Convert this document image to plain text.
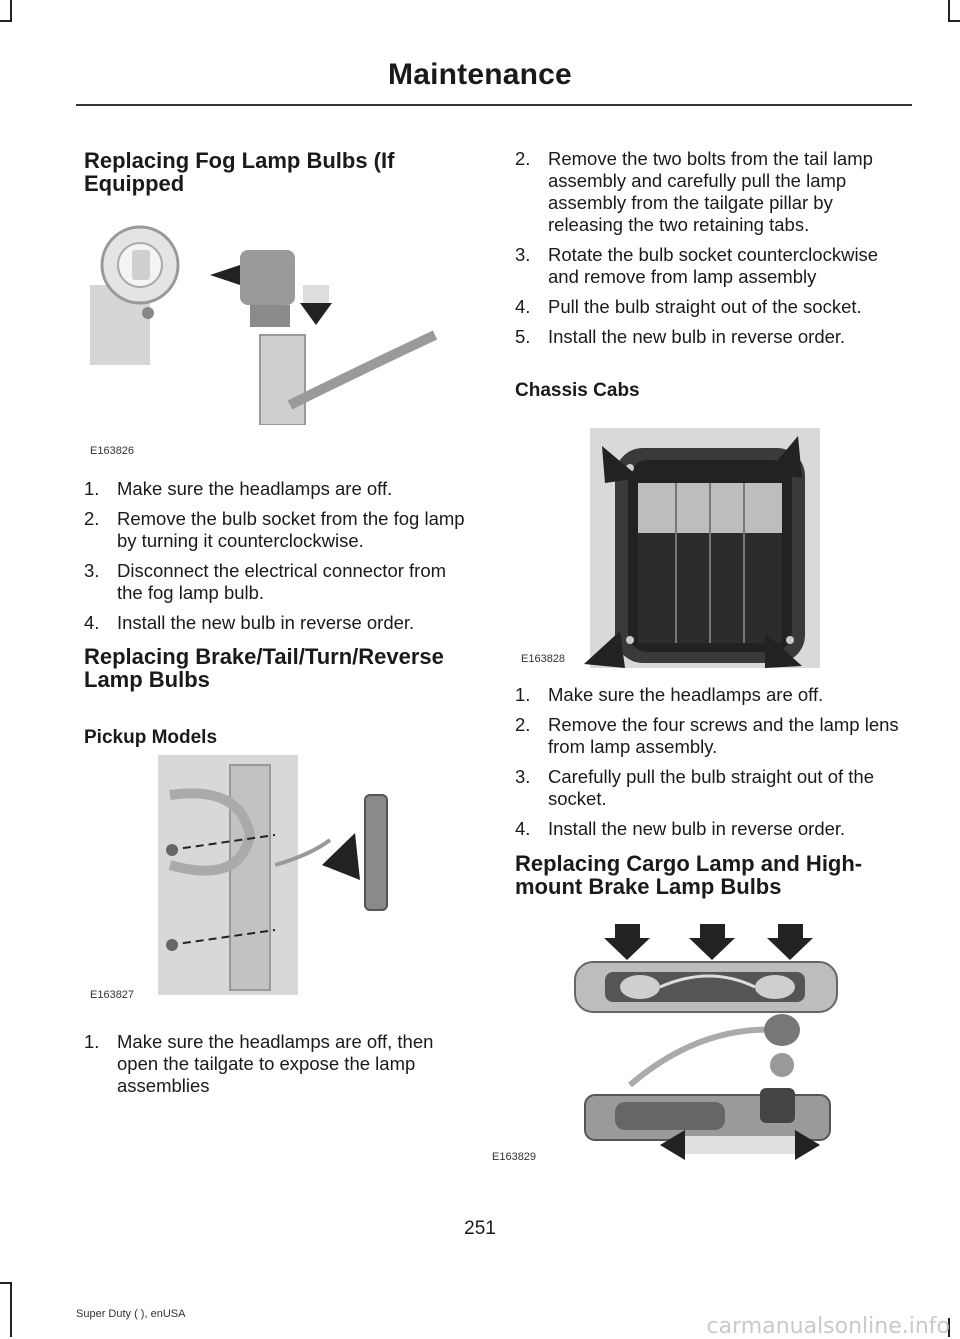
Maintenance
Replacing Fog Lamp Bulbs (If Equipped
E163826
1. Make sure the headlamps are off.
2. Remove the bulb socket from the fog lamp by turning it counterclockwise.
3. Disconnect the electrical connector from the fog lamp bulb.
4. Install the new bulb in reverse order.
Replacing Brake/Tail/Turn/Reverse Lamp Bulbs
Pickup Models
E163827
1. Make sure the headlamps are off, then open the tailgate to expose the lamp assemblies
2. Remove the two bolts from the tail lamp assembly and carefully pull the lamp assembly from the tailgate pillar by releasing the two retaining tabs.
3. Rotate the bulb socket counterclockwise and remove from lamp assembly
4. Pull the bulb straight out of the socket.
5. Install the new bulb in reverse order.
Chassis Cabs
E163828
1. Make sure the headlamps are off.
2. Remove the four screws and the lamp lens from lamp assembly.
3. Carefully pull the bulb straight out of the socket.
4. Install the new bulb in reverse order.
Replacing Cargo Lamp and High-mount Brake Lamp Bulbs
E163829
251
Super Duty ( ), enUSA	carmanualsonline.info
